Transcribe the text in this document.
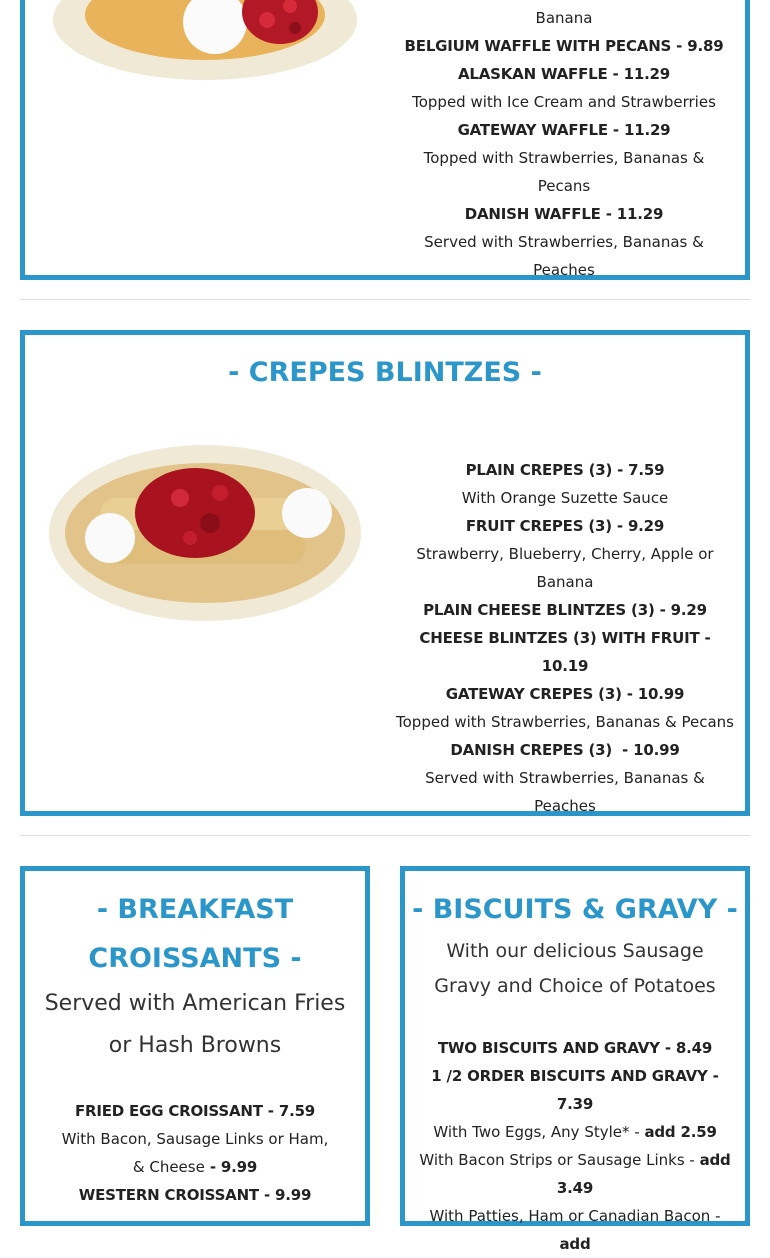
Banana
BELGIUM WAFFLE WITH PECANS - 9.89
ALASKAN WAFFLE - 11.29
Topped with Ice Cream and Strawberries
GATEWAY WAFFLE - 11.29
Topped with Strawberries, Bananas & Pecans
DANISH WAFFLE - 11.29
Served with Strawberries, Bananas & Peaches
- CREPES BLINTZES -
PLAIN CREPES (3) - 7.59
With Orange Suzette Sauce
FRUIT CREPES (3) - 9.29
Strawberry, Blueberry, Cherry, Apple or Banana
PLAIN CHEESE BLINTZES (3) - 9.29
CHEESE BLINTZES (3) WITH FRUIT - 10.19
GATEWAY CREPES (3) - 10.99
Topped with Strawberries, Bananas & Pecans
DANISH CREPES (3)  - 10.99
Served with Strawberries, Bananas & Peaches
- BREAKFAST CROISSANTS -
Served with American Fries or Hash Browns
FRIED EGG CROISSANT - 7.59
With Bacon, Sausage Links or Ham, & Cheese - 9.99
WESTERN CROISSANT - 9.99
- BISCUITS & GRAVY -
With our delicious Sausage Gravy and Choice of Potatoes
TWO BISCUITS AND GRAVY - 8.49
1 /2 ORDER BISCUITS AND GRAVY - 7.39
With Two Eggs, Any Style* - add 2.59
With Bacon Strips or Sausage Links - add 3.49
With Patties, Ham or Canadian Bacon - add
